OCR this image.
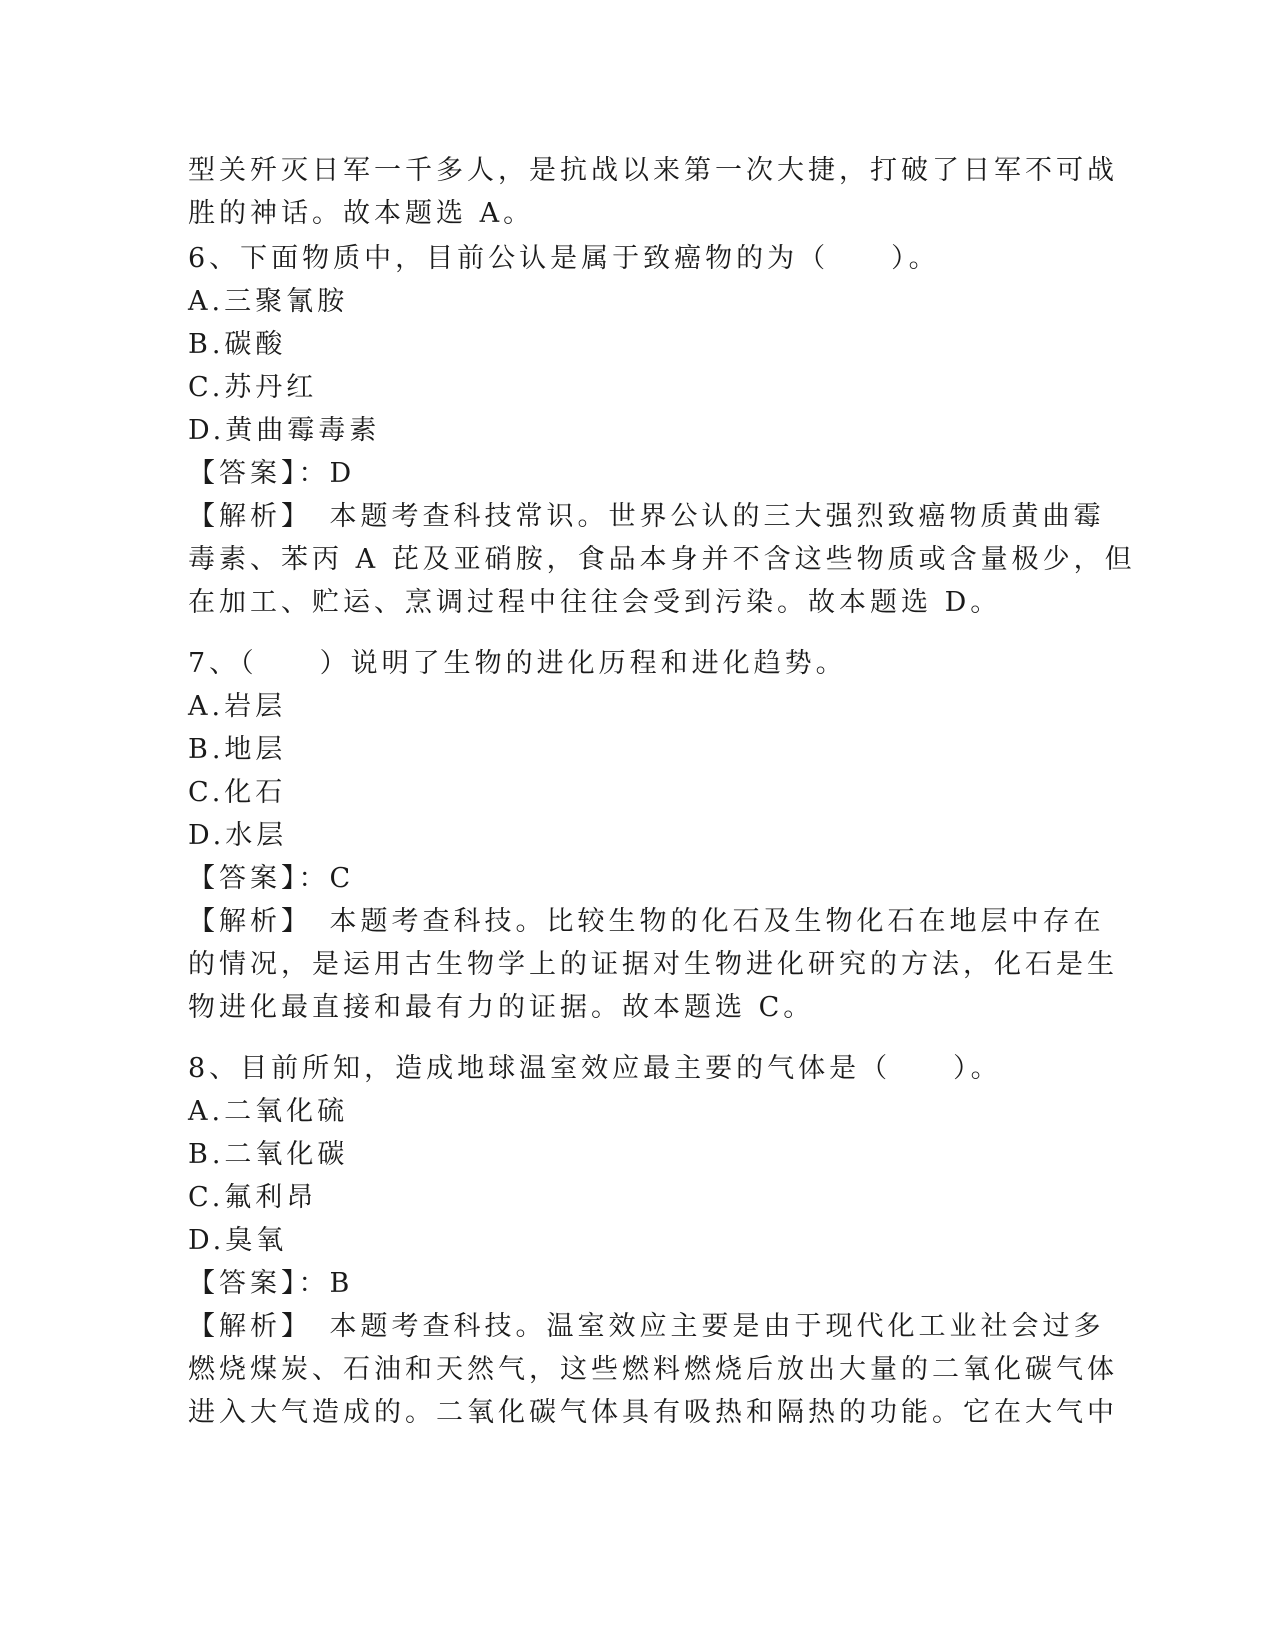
型关歼灭日军一千多人，是抗战以来第一次大捷，打破了日军不可战
胜的神话。故本题选 A。
6、下面物质中，目前公认是属于致癌物的为（　　）。
A.三聚氰胺
B.碳酸
C.苏丹红
D.黄曲霉毒素
【答案】：D
【解析】　本题考查科技常识。世界公认的三大强烈致癌物质黄曲霉
毒素、苯丙 A 芘及亚硝胺，食品本身并不含这些物质或含量极少，但
在加工、贮运、烹调过程中往往会受到污染。故本题选 D。
7、（　　）说明了生物的进化历程和进化趋势。
A.岩层
B.地层
C.化石
D.水层
【答案】：C
【解析】　本题考查科技。比较生物的化石及生物化石在地层中存在
的情况，是运用古生物学上的证据对生物进化研究的方法，化石是生
物进化最直接和最有力的证据。故本题选 C。
8、目前所知，造成地球温室效应最主要的气体是（　　）。
A.二氧化硫
B.二氧化碳
C.氟利昂
D.臭氧
【答案】：B
【解析】　本题考查科技。温室效应主要是由于现代化工业社会过多
燃烧煤炭、石油和天然气，这些燃料燃烧后放出大量的二氧化碳气体
进入大气造成的。二氧化碳气体具有吸热和隔热的功能。它在大气中
